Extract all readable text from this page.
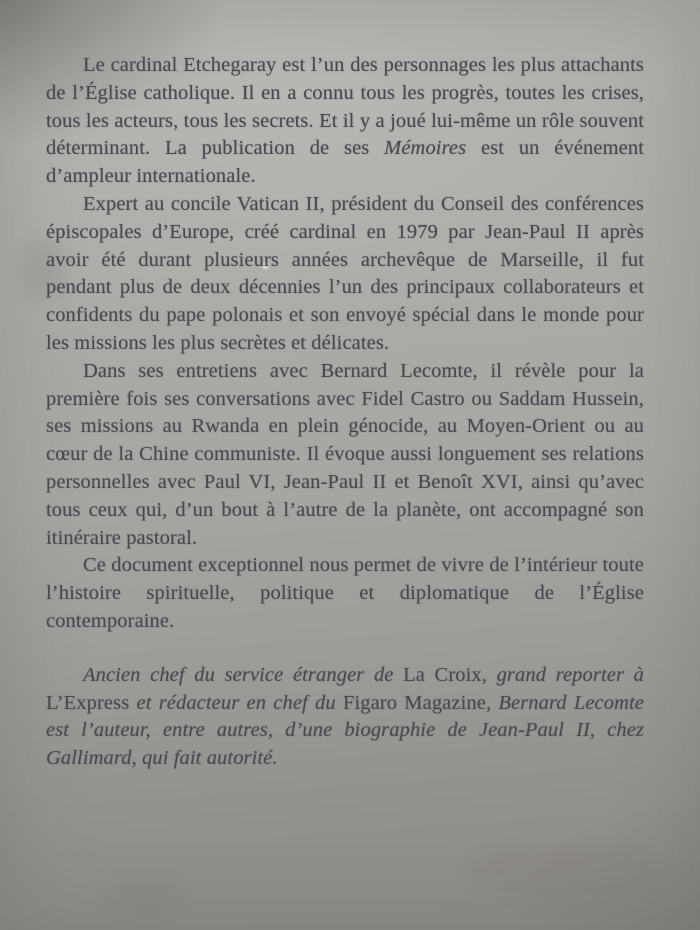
Le cardinal Etchegaray est l’un des personnages les plus attachants de l’Église catholique. Il en a connu tous les progrès, toutes les crises, tous les acteurs, tous les secrets. Et il y a joué lui-même un rôle souvent déterminant. La publication de ses Mémoires est un événement d’ampleur internationale.

Expert au concile Vatican II, président du Conseil des conférences épiscopales d’Europe, créé cardinal en 1979 par Jean-Paul II après avoir été durant plusieurs années archevêque de Marseille, il fut pendant plus de deux décennies l’un des principaux collaborateurs et confidents du pape polonais et son envoyé spécial dans le monde pour les missions les plus secrètes et délicates.

Dans ses entretiens avec Bernard Lecomte, il révèle pour la première fois ses conversations avec Fidel Castro ou Saddam Hussein, ses missions au Rwanda en plein génocide, au Moyen-Orient ou au cœur de la Chine communiste. Il évoque aussi longuement ses relations personnelles avec Paul VI, Jean-Paul II et Benoît XVI, ainsi qu’avec tous ceux qui, d’un bout à l’autre de la planète, ont accompagné son itinéraire pastoral.

Ce document exceptionnel nous permet de vivre de l’intérieur toute l’histoire spirituelle, politique et diplomatique de l’Église contemporaine.

Ancien chef du service étranger de La Croix, grand reporter à L’Express et rédacteur en chef du Figaro Magazine, Bernard Lecomte est l’auteur, entre autres, d’une biographie de Jean-Paul II, chez Gallimard, qui fait autorité.
